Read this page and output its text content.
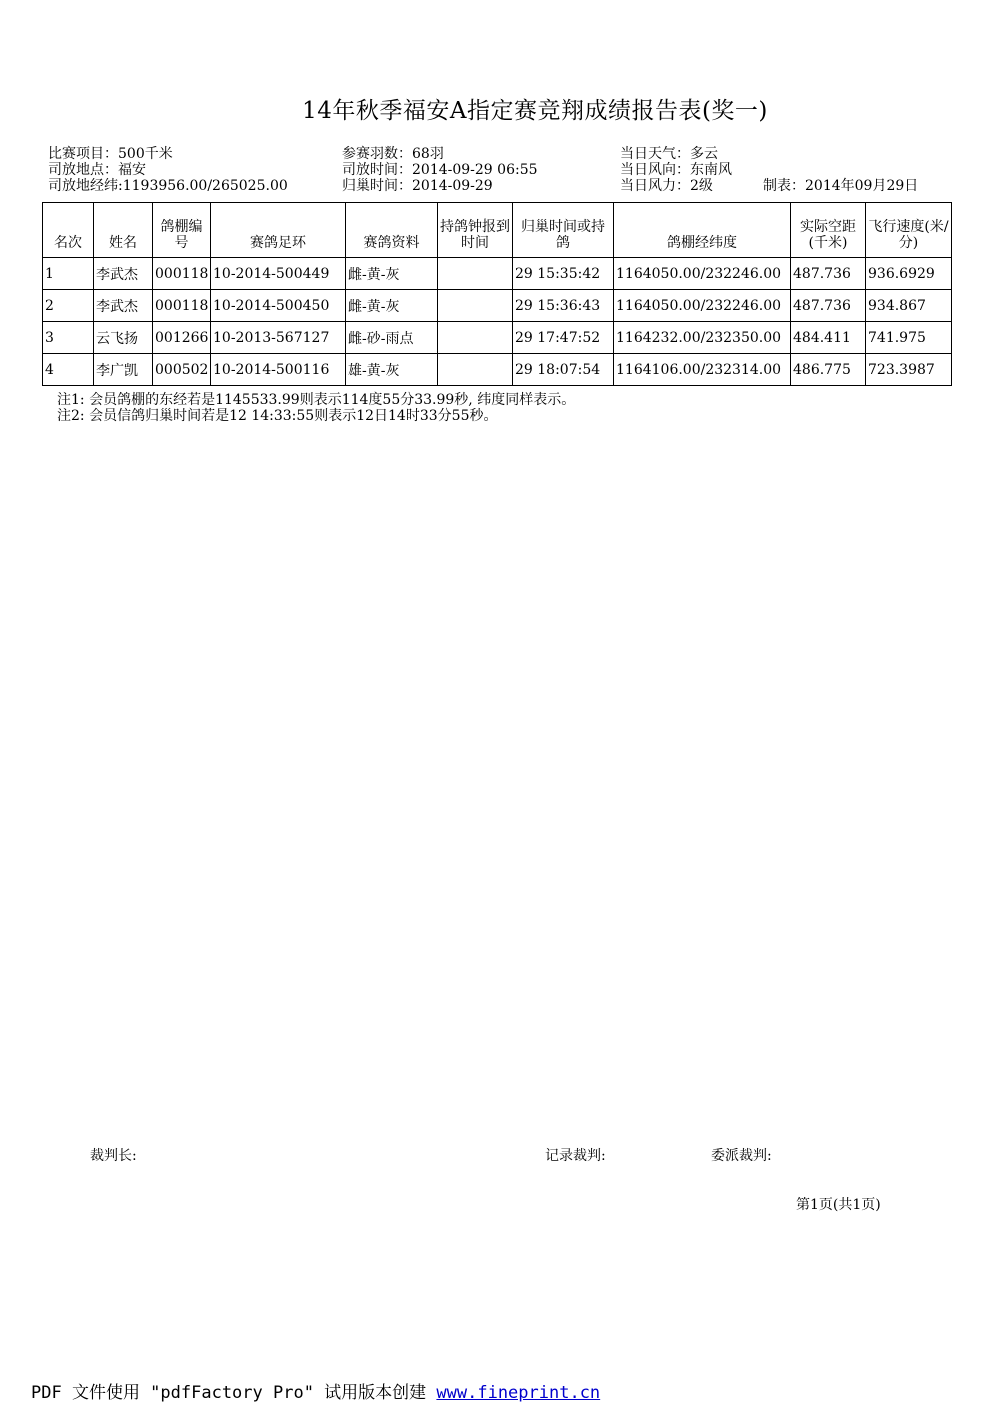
14年秋季福安A指定赛竞翔成绩报告表(奖一)
比赛项目：500千米
司放地点：福安
司放地经纬:1193956.00/265025.00
参赛羽数：68羽
司放时间：2014-09-29 06:55
归巢时间：2014-09-29
当日天气：多云
当日风向：东南风
当日风力：2级	制表：2014年09月29日
名次	姓名	鸽棚编号	赛鸽足环	赛鸽资料	持鸽钟报到时间	归巢时间或持鸽	鸽棚经纬度	实际空距(千米)	飞行速度(米/分)
1	李武杰	000118	10-2014-500449	雌-黄-灰		29 15:35:42	1164050.00/232246.00	487.736	936.6929
2	李武杰	000118	10-2014-500450	雌-黄-灰		29 15:36:43	1164050.00/232246.00	487.736	934.867
3	云飞扬	001266	10-2013-567127	雌-砂-雨点		29 17:47:52	1164232.00/232350.00	484.411	741.975
4	李广凯	000502	10-2014-500116	雄-黄-灰		29 18:07:54	1164106.00/232314.00	486.775	723.3987
注1: 会员鸽棚的东经若是1145533.99则表示114度55分33.99秒, 纬度同样表示。
注2: 会员信鸽归巢时间若是12 14:33:55则表示12日14时33分55秒。
裁判长:	记录裁判:	委派裁判:
第1页(共1页)
PDF 文件使用 "pdfFactory Pro" 试用版本创建 www.fineprint.cn
